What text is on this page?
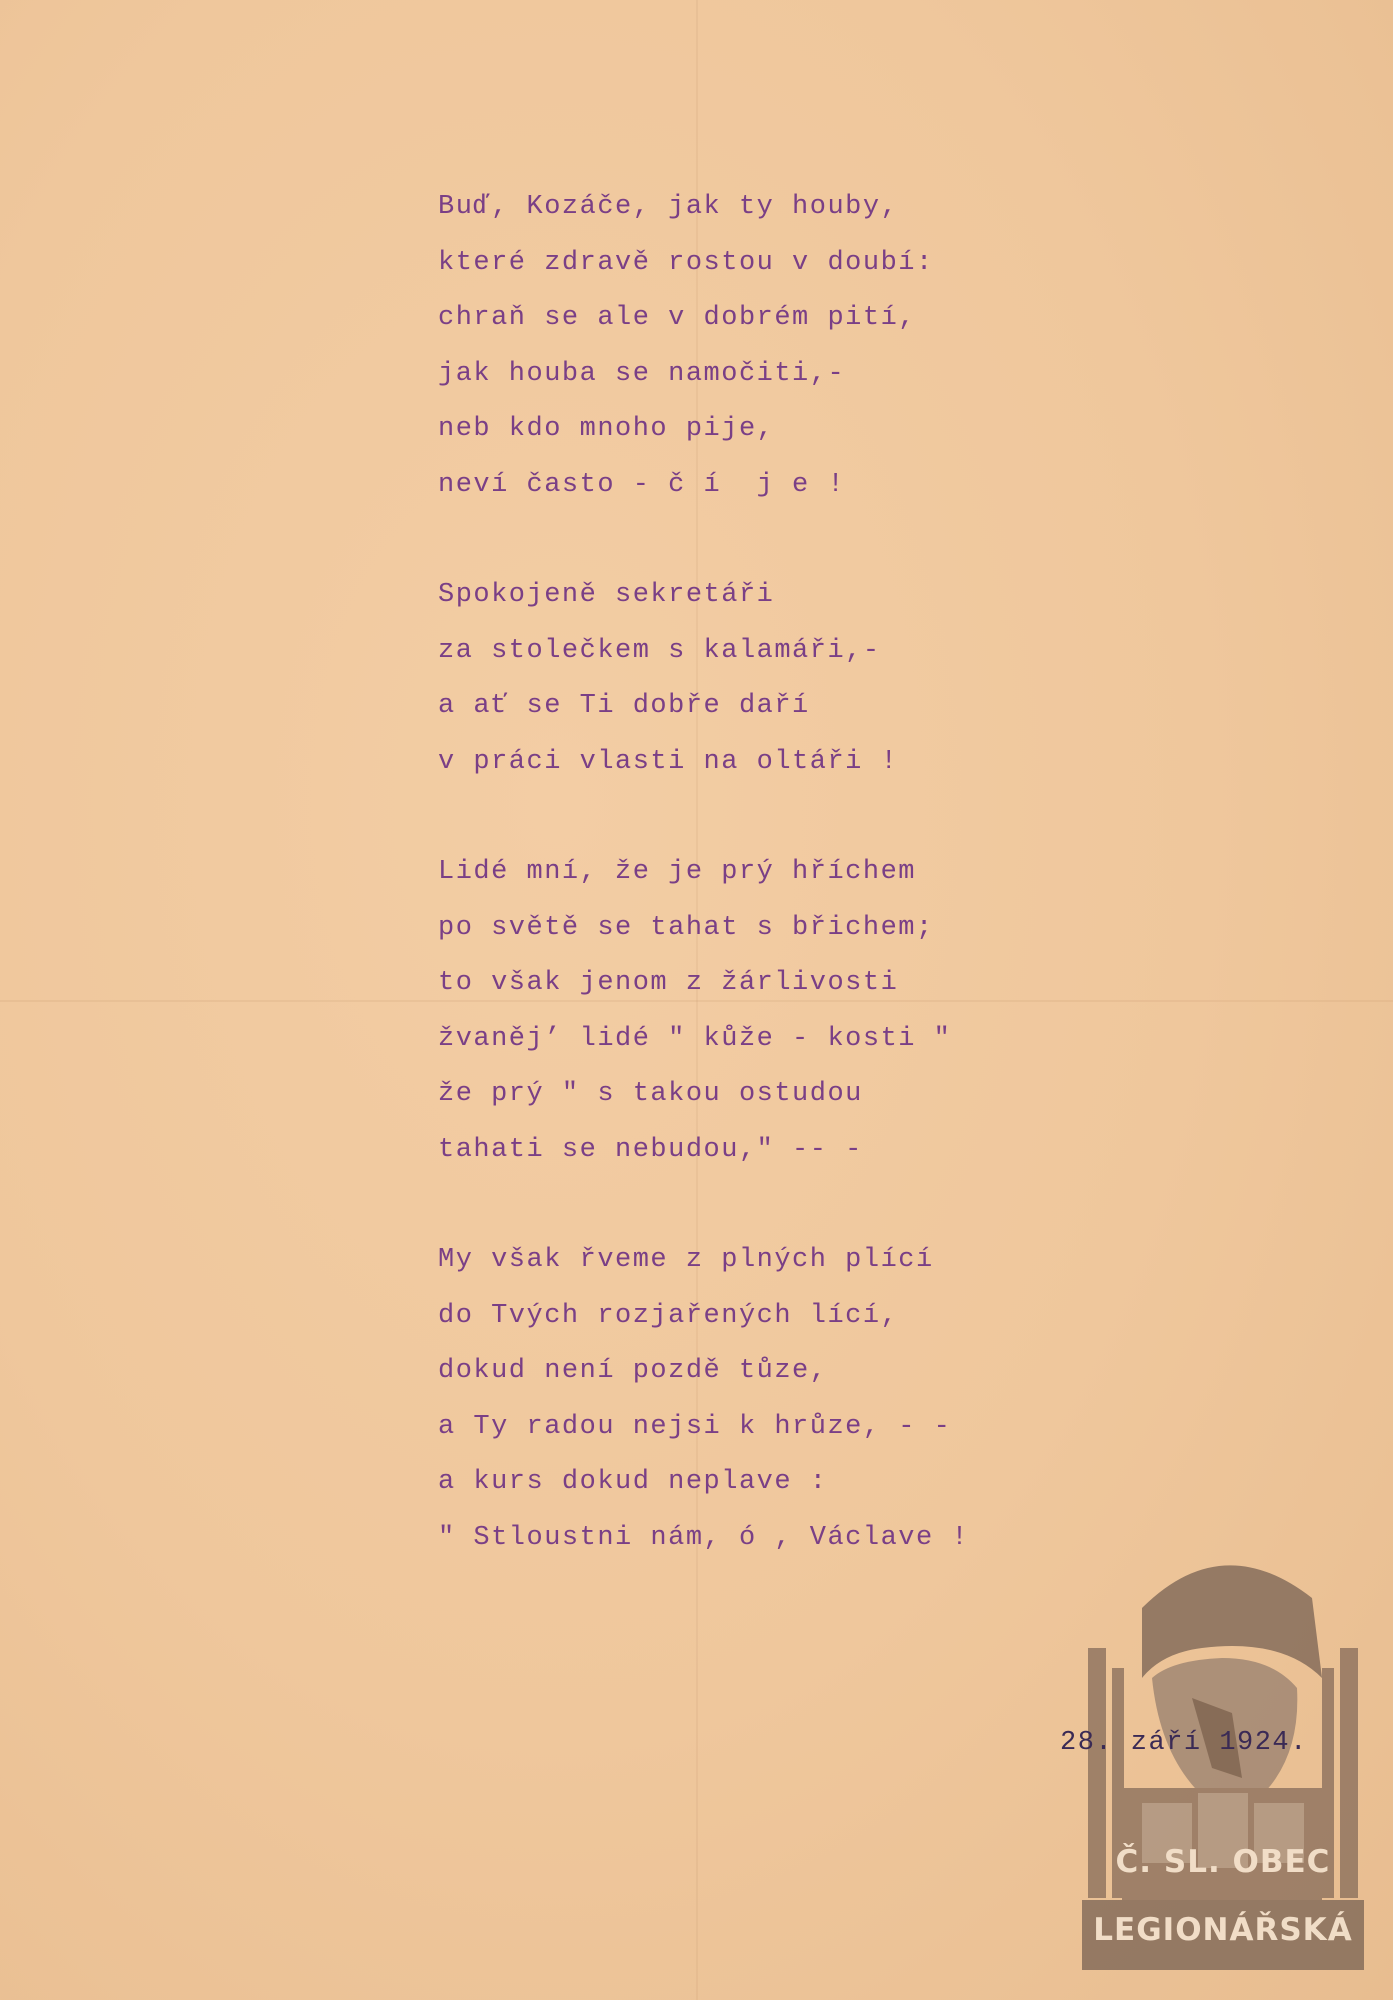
Buď, Kozáče, jak ty houby,
které zdravě rostou v doubí:
chraň se ale v dobrém pití,
jak houba se namočiti,-
neb kdo mnoho pije,
neví často - č í  j e !
Spokojeně sekretáři
za stolečkem s kalamáři,-
a ať se Ti dobře daří
v práci vlasti na oltáři !
Lidé mní, že je prý hříchem
po světě se tahat s břichem;
to však jenom z žárlivosti
žvaněj’ lidé " kůže - kosti "
že prý " s takou ostudou
tahati se nebudou," -- -
My však řveme z plných plící
do Tvých rozjařených lící,
dokud není pozdě tůze,
a Ty radou nejsi k hrůze, - -
a kurs dokud neplave :
" Stloustni nám, ó , Václave !
Č. SL. OBEC
LEGIONÁŘSKÁ
28. září 1924.
